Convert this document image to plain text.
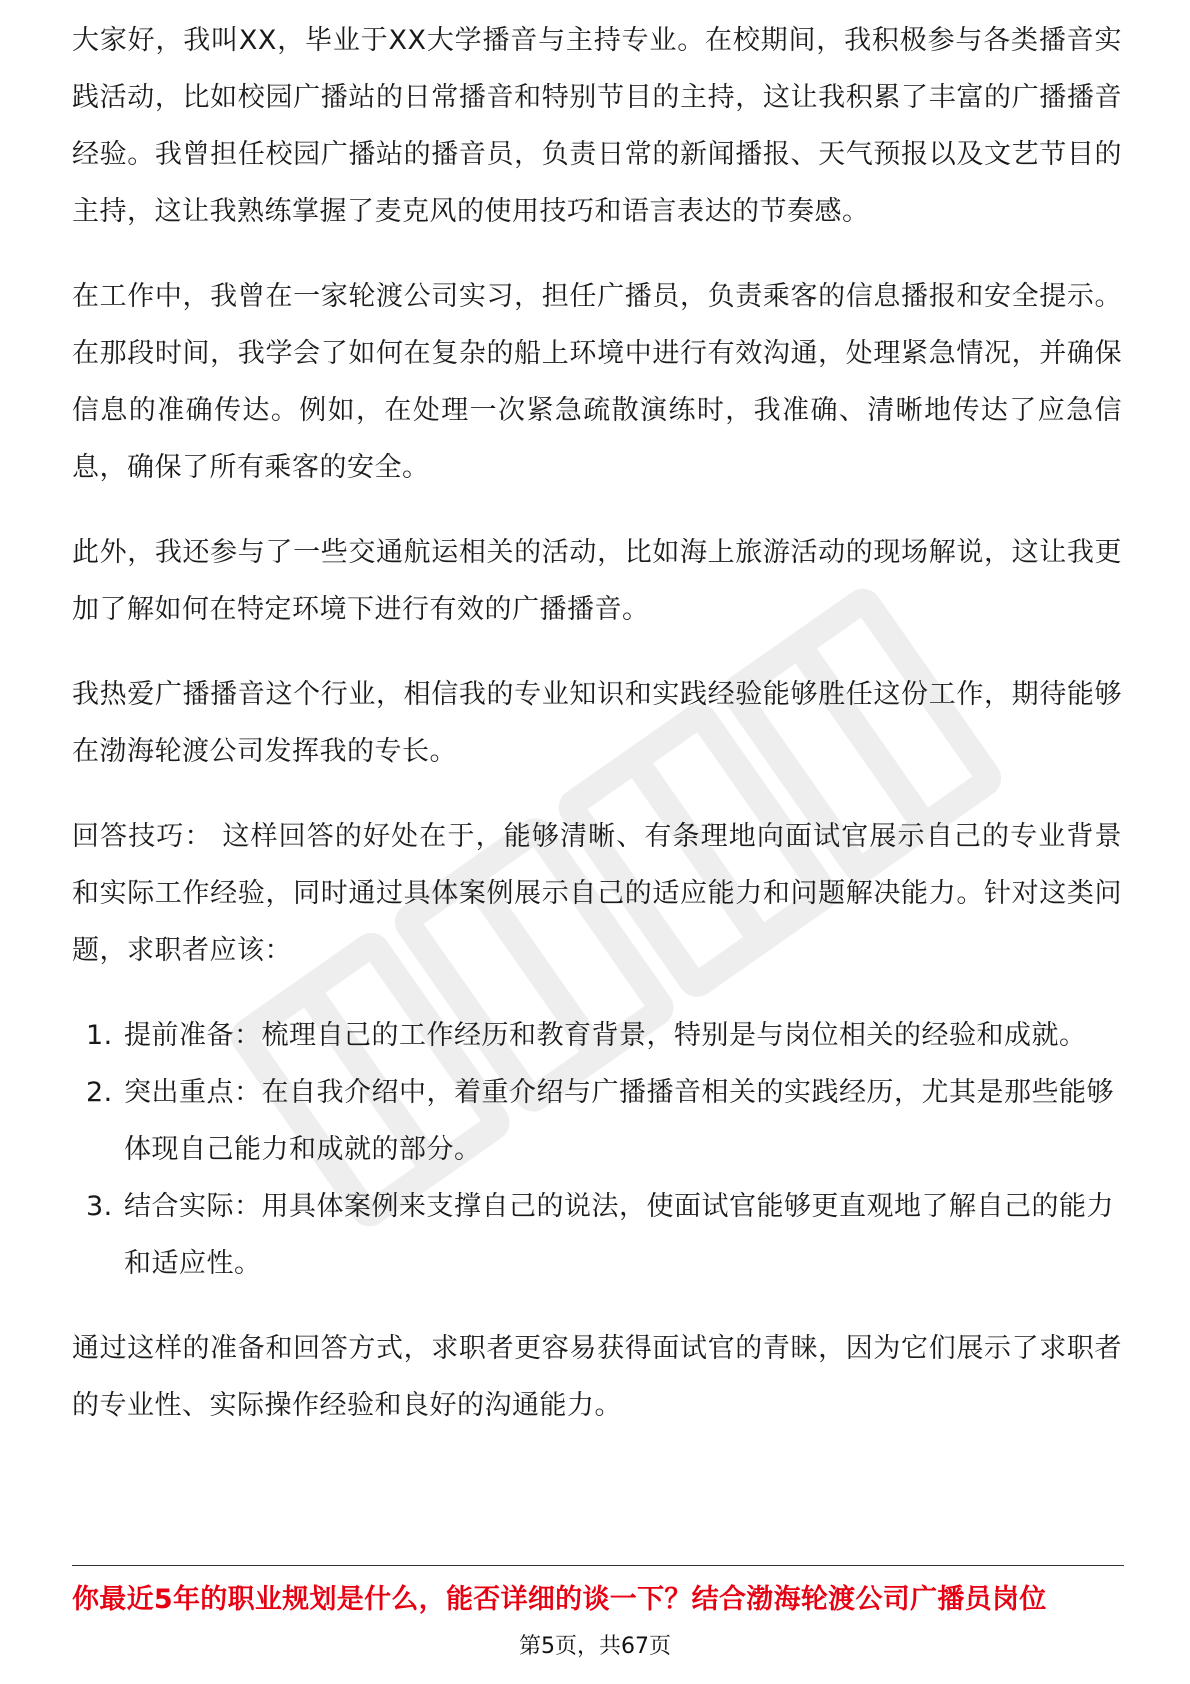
大家好，我叫XX，毕业于XX大学播音与主持专业。在校期间，我积极参与各类播音实践活动，比如校园广播站的日常播音和特别节目的主持，这让我积累了丰富的广播播音经验。我曾担任校园广播站的播音员，负责日常的新闻播报、天气预报以及文艺节目的主持，这让我熟练掌握了麦克风的使用技巧和语言表达的节奏感。

在工作中，我曾在一家轮渡公司实习，担任广播员，负责乘客的信息播报和安全提示。在那段时间，我学会了如何在复杂的船上环境中进行有效沟通，处理紧急情况，并确保信息的准确传达。例如，在处理一次紧急疏散演练时，我准确、清晰地传达了应急信息，确保了所有乘客的安全。

此外，我还参与了一些交通航运相关的活动，比如海上旅游活动的现场解说，这让我更加了解如何在特定环境下进行有效的广播播音。

我热爱广播播音这个行业，相信我的专业知识和实践经验能够胜任这份工作，期待能够在渤海轮渡公司发挥我的专长。

回答技巧： 这样回答的好处在于，能够清晰、有条理地向面试官展示自己的专业背景和实际工作经验，同时通过具体案例展示自己的适应能力和问题解决能力。针对这类问题，求职者应该：

1. 提前准备：梳理自己的工作经历和教育背景，特别是与岗位相关的经验和成就。
2. 突出重点：在自我介绍中，着重介绍与广播播音相关的实践经历，尤其是那些能够体现自己能力和成就的部分。
3. 结合实际：用具体案例来支撑自己的说法，使面试官能够更直观地了解自己的能力和适应性。

通过这样的准备和回答方式，求职者更容易获得面试官的青睐，因为它们展示了求职者的专业性、实际操作经验和良好的沟通能力。

你最近5年的职业规划是什么，能否详细的谈一下？结合渤海轮渡公司广播员岗位
第5页，共67页
